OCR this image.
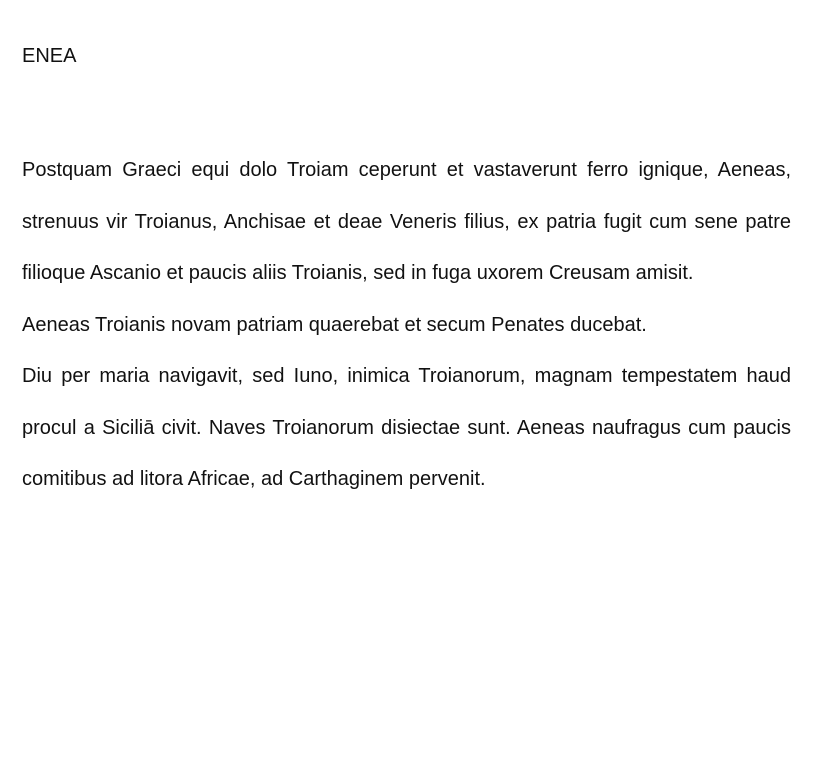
ENEA

Postquam Graeci equi dolo Troiam ceperunt et vastaverunt ferro ignique, Aeneas, strenuus vir Troianus, Anchisae et deae Veneris filius, ex patria fugit cum sene patre filioque Ascanio et paucis aliis Troianis, sed in fuga uxorem Creusam amisit.

Aeneas Troianis novam patriam quaerebat et secum Penates ducebat.

Diu per maria navigavit, sed Iuno, inimica Troianorum, magnam tempestatem haud procul a Siciliā civit. Naves Troianorum disiectae sunt. Aeneas naufragus cum paucis comitibus ad litora Africae, ad Carthaginem pervenit.
